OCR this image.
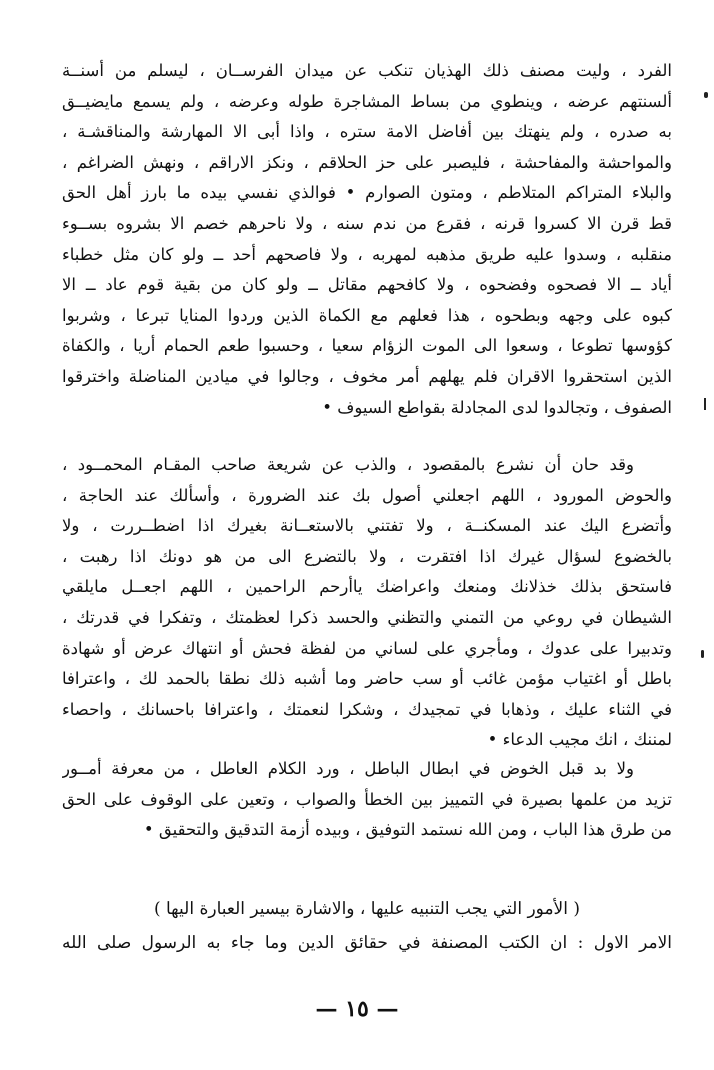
الفرد ، وليت مصنف ذلك الهذيان تنكب عن ميدان الفرســان ، ليسلم من أسنــة
ألسنتهم عرضه ، وينطوي من بساط المشاجرة طوله وعرضه ، ولم يسمع مايضيــق
به صدره ، ولم ينهتك بين أفاضل الامة ستره ، واذا أبى الا المهارشة والمناقشـة ،
والمواحشة والمفاحشة ، فليصبر على حز الحلاقم ، ونكز الاراقم ، ونهش الضراغم ،
والبلاء المتراكم المتلاطم ، ومتون الصوارم • فوالذي نفسي بيده ما بارز أهل الحق
قط قرن الا كسروا قرنه ، فقرع من ندم سنه ، ولا ناحرهم خصم الا بشروه بســوء
منقلبه ، وسدوا عليه طريق مذهبه لمهربه ، ولا فاصحهم أحد ــ ولو كان مثل خطباء
أياد ــ الا فصحوه وفضحوه ، ولا كافحهم مقاتل ــ ولو كان من بقية قوم عاد ــ الا
كبوه على وجهه وبطحوه ، هذا فعلهم مع الكماة الذين وردوا المنايا تبرعا ، وشربوا
كؤوسها تطوعا ، وسعوا الى الموت الزؤام سعيا ، وحسبوا طعم الحمام أريا ، والكفاة
الذين استحقروا الاقران فلم يهلهم أمر مخوف ، وجالوا في ميادين المناضلة واخترقوا
الصفوف ، وتجالدوا لدى المجادلة بقواطع السيوف •
وقد حان أن نشرع بالمقصود ، والذب عن شريعة صاحب المقـام المحمــود ،
والحوض المورود ، اللهم اجعلني أصول بك عند الضرورة ، وأسألك عند الحاجة ،
وأتضرع اليك عند المسكنــة ، ولا تفتني بالاستعــانة بغيرك اذا اضطــررت ، ولا
بالخضوع لسؤال غيرك اذا افتقرت ، ولا بالتضرع الى من هو دونك اذا رهبت ،
فاستحق بذلك خذلانك ومنعك واعراضك ياأرحم الراحمين ، اللهم اجعــل مايلقي
الشيطان في روعي من التمني والتظني والحسد ذكرا لعظمتك ، وتفكرا في قدرتك ،
وتدبيرا على عدوك ، ومأجري على لساني من لفظة فحش أو انتهاك عرض أو شهادة
باطل أو اغتياب مؤمن غائب أو سب حاضر وما أشبه ذلك نطقا بالحمد لك ، واعترافا
في الثناء عليك ، وذهابا في تمجيدك ، وشكرا لنعمتك ، واعترافا باحسانك ، واحصاء
لمننك ، انك مجيب الدعاء •
ولا بد قبل الخوض في ابطال الباطل ، ورد الكلام العاطل ، من معرفة أمــور
تزيد من علمها بصيرة في التمييز بين الخطأ والصواب ، وتعين على الوقوف على الحق
من طرق هذا الباب ، ومن الله نستمد التوفيق ، وبيده أزمة التدقيق والتحقيق •
( الأمور التي يجب التنبيه عليها ، والاشارة بيسير العبارة اليها )
الامر الاول : ان الكتب المصنفة في حقائق الدين وما جاء به الرسول صلى الله
— ١٥ —
